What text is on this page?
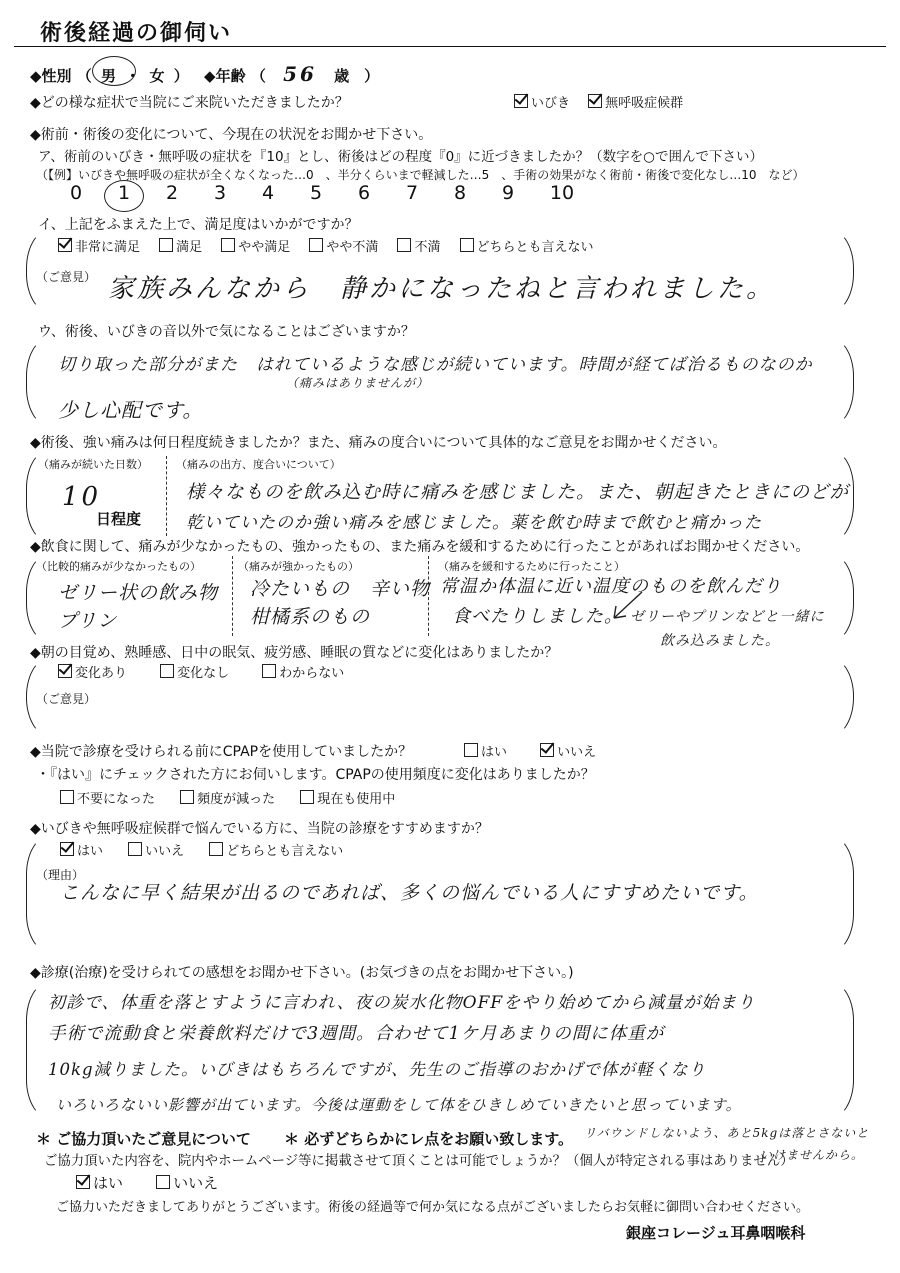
術後経過の御伺い
◆性別 （ 男 ・ 女 ） ◆年齢 （ 56 歳　）
◆どの様な症状で当院にご来院いただきましたか？	いびき	無呼吸症候群
◆術前・術後の変化について、今現在の状況をお聞かせ下さい。
ア、術前のいびき・無呼吸の症状を『10』とし、術後はどの程度『0』に近づきましたか？（数字を○で囲んで下さい）
（【例】いびきや無呼吸の症状が全くなくなった…0　、半分くらいまで軽減した…5　、手術の効果がなく術前・術後で変化なし…10　など）
0 1 2 3 4 5 6 7 8 9 10
イ、上記をふまえた上で、満足度はいかがですか？
非常に満足	満足	やや満足	やや不満	不満	どちらとも言えない
（ご意見） 家族みんなから　静かになったねと言われました。
ウ、術後、いびきの音以外で気になることはございますか？
切り取った部分がまた　はれているような感じが続いています。時間が経てば治るものなのか
（痛みはありませんが）
少し心配です。
◆術後、強い痛みは何日程度続きましたか？また、痛みの度合いについて具体的なご意見をお聞かせください。
（痛みが続いた日数）
10
日程度
（痛みの出方、度合いについて）
様々なものを飲み込む時に痛みを感じました。また、朝起きたときにのどが
乾いていたのか強い痛みを感じました。薬を飲む時まで飲むと痛かった
◆飲食に関して、痛みが少なかったもの、強かったもの、また痛みを緩和するために行ったことがあればお聞かせください。
（比較的痛みが少なかったもの）
ゼリー状の飲み物
プリン
（痛みが強かったもの）
冷たいもの　辛い物
柑橘系のもの
（痛みを緩和するために行ったこと）
常温か体温に近い温度のものを飲んだり
食べたりしました。 ゼリーやプリンなどと一緒に
飲み込みました。
◆朝の目覚め、熟睡感、日中の眠気、疲労感、睡眠の質などに変化はありましたか？
変化あり	変化なし	わからない
（ご意見）
◆当院で診療を受けられる前にCPAPを使用していましたか？	はい	いいえ
・『はい』にチェックされた方にお伺いします。CPAPの使用頻度に変化はありましたか？
不要になった	頻度が減った	現在も使用中
◆いびきや無呼吸症候群で悩んでいる方に、当院の診療をすすめますか？
はい	いいえ	どちらとも言えない
（理由）
こんなに早く結果が出るのであれば、多くの悩んでいる人にすすめたいです。
◆診療(治療)を受けられての感想をお聞かせ下さい。(お気づきの点をお聞かせ下さい。)
初診で、体重を落とすように言われ、夜の炭水化物OFFをやり始めてから減量が始まり
手術で流動食と栄養飲料だけで3週間。合わせて1ケ月あまりの間に体重が
10kg減りました。いびきはもちろんですが、先生のご指導のおかげで体が軽くなり
いろいろないい影響が出ています。今後は運動をして体をひきしめていきたいと思っています。
リバウンドしないよう、あと5kgは落とさないと
いけませんから。
＊ ご協力頂いたご意見について ＊ 必ずどちらかにレ点をお願い致します。
ご協力頂いた内容を、院内やホームページ等に掲載させて頂くことは可能でしょうか？（個人が特定される事はありません）
はい	いいえ
ご協力いただきましてありがとうございます。術後の経過等で何か気になる点がございましたらお気軽に御問い合わせください。
銀座コレージュ耳鼻咽喉科
